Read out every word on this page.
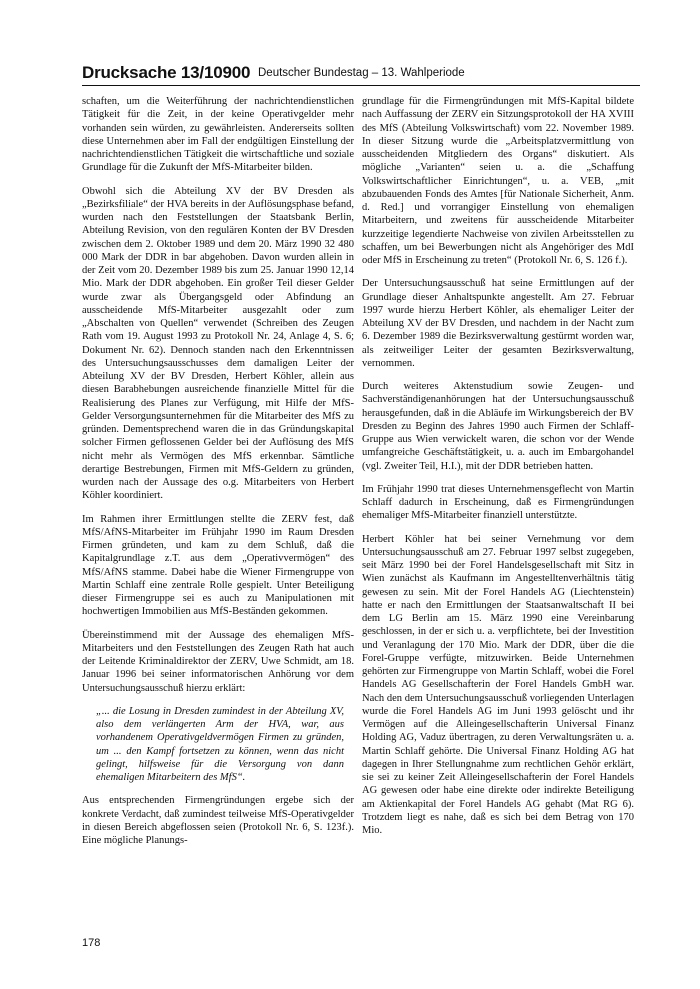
Drucksache 13/10900 Deutscher Bundestag – 13. Wahlperiode

schaften, um die Weiterführung der nachrichtendienstlichen Tätigkeit für die Zeit, in der keine Operativgelder mehr vorhanden sein würden, zu gewährleisten. Andererseits sollten diese Unternehmen aber im Fall der endgültigen Einstellung der nachrichtendienstlichen Tätigkeit die wirtschaftliche und soziale Grundlage für die Zukunft der MfS-Mitarbeiter bilden.

Obwohl sich die Abteilung XV der BV Dresden als „Bezirksfiliale“ der HVA bereits in der Auflösungsphase befand, wurden nach den Feststellungen der Staatsbank Berlin, Abteilung Revision, von den regulären Konten der BV Dresden zwischen dem 2. Oktober 1989 und dem 20. März 1990 32 480 000 Mark der DDR in bar abgehoben. Davon wurden allein in der Zeit vom 20. Dezember 1989 bis zum 25. Januar 1990 12,14 Mio. Mark der DDR abgehoben. Ein großer Teil dieser Gelder wurde zwar als Übergangsgeld oder Abfindung an ausscheidende MfS-Mitarbeiter ausgezahlt oder zum „Abschalten von Quellen“ verwendet (Schreiben des Zeugen Rath vom 19. August 1993 zu Protokoll Nr. 24, Anlage 4, S. 6; Dokument Nr. 62). Dennoch standen nach den Erkenntnissen des Untersuchungsausschusses dem damaligen Leiter der Abteilung XV der BV Dresden, Herbert Köhler, allein aus diesen Barabhebungen ausreichende finanzielle Mittel für die Realisierung des Planes zur Verfügung, mit Hilfe der MfS-Gelder Versorgungsunternehmen für die Mitarbeiter des MfS zu gründen. Dementsprechend waren die in das Gründungskapital solcher Firmen geflossenen Gelder bei der Auflösung des MfS nicht mehr als Vermögen des MfS erkennbar. Sämtliche derartige Bestrebungen, Firmen mit MfS-Geldern zu gründen, wurden nach der Aussage des o.g. Mitarbeiters von Herbert Köhler koordiniert.

Im Rahmen ihrer Ermittlungen stellte die ZERV fest, daß MfS/AfNS-Mitarbeiter im Frühjahr 1990 im Raum Dresden Firmen gründeten, und kam zu dem Schluß, daß die Kapitalgrundlage z.T. aus dem „Operativvermögen“ des MfS/AfNS stamme. Dabei habe die Wiener Firmengruppe von Martin Schlaff eine zentrale Rolle gespielt. Unter Beteiligung dieser Firmengruppe sei es auch zu Manipulationen mit hochwertigen Immobilien aus MfS-Beständen gekommen.

Übereinstimmend mit der Aussage des ehemaligen MfS-Mitarbeiters und den Feststellungen des Zeugen Rath hat auch der Leitende Kriminaldirektor der ZERV, Uwe Schmidt, am 18. Januar 1996 bei seiner informatorischen Anhörung vor dem Untersuchungsausschuß hierzu erklärt:

„... die Losung in Dresden zumindest in der Abteilung XV, also dem verlängerten Arm der HVA, war, aus vorhandenem Operativgeldvermögen Firmen zu gründen, um ... den Kampf fortsetzen zu können, wenn das nicht gelingt, hilfsweise für die Versorgung von dann ehemaligen Mitarbeitern des MfS“.

Aus entsprechenden Firmengründungen ergebe sich der konkrete Verdacht, daß zumindest teilweise MfS-Operativgelder in diesen Bereich abgeflossen seien (Protokoll Nr. 6, S. 123f.). Eine mögliche Planungs-

grundlage für die Firmengründungen mit MfS-Kapital bildete nach Auffassung der ZERV ein Sitzungsprotokoll der HA XVIII des MfS (Abteilung Volkswirtschaft) vom 22. November 1989. In dieser Sitzung wurde die „Arbeitsplatzvermittlung von ausscheidenden Mitgliedern des Organs“ diskutiert. Als mögliche „Varianten“ seien u. a. die „Schaffung Volkswirtschaftlicher Einrichtungen“, u. a. VEB, „mit abzubauenden Fonds des Amtes [für Nationale Sicherheit, Anm. d. Red.] und vorrangiger Einstellung von ehemaligen Mitarbeitern, und zweitens für ausscheidende Mitarbeiter kurzzeitige legendierte Nachweise von zivilen Arbeitsstellen zu schaffen, um bei Bewerbungen nicht als Angehöriger des MdI oder MfS in Erscheinung zu treten“ (Protokoll Nr. 6, S. 126 f.).

Der Untersuchungsausschuß hat seine Ermittlungen auf der Grundlage dieser Anhaltspunkte angestellt. Am 27. Februar 1997 wurde hierzu Herbert Köhler, als ehemaliger Leiter der Abteilung XV der BV Dresden, und nachdem in der Nacht zum 6. Dezember 1989 die Bezirksverwaltung gestürmt worden war, als zeitweiliger Leiter der gesamten Bezirksverwaltung, vernommen.

Durch weiteres Aktenstudium sowie Zeugen- und Sachverständigenanhörungen hat der Untersuchungsausschuß herausgefunden, daß in die Abläufe im Wirkungsbereich der BV Dresden zu Beginn des Jahres 1990 auch Firmen der Schlaff-Gruppe aus Wien verwickelt waren, die schon vor der Wende umfangreiche Geschäftstätigkeit, u. a. auch im Embargohandel (vgl. Zweiter Teil, H.I.), mit der DDR betrieben hatten.

Im Frühjahr 1990 trat dieses Unternehmensgeflecht von Martin Schlaff dadurch in Erscheinung, daß es Firmengründungen ehemaliger MfS-Mitarbeiter finanziell unterstützte.

Herbert Köhler hat bei seiner Vernehmung vor dem Untersuchungsausschuß am 27. Februar 1997 selbst zugegeben, seit März 1990 bei der Forel Handelsgesellschaft mit Sitz in Wien zunächst als Kaufmann im Angestelltenverhältnis tätig gewesen zu sein. Mit der Forel Handels AG (Liechtenstein) hatte er nach den Ermittlungen der Staatsanwaltschaft II bei dem LG Berlin am 15. März 1990 eine Vereinbarung geschlossen, in der er sich u. a. verpflichtete, bei der Investition und Veranlagung der 170 Mio. Mark der DDR, über die die Forel-Gruppe verfügte, mitzuwirken. Beide Unternehmen gehörten zur Firmengruppe von Martin Schlaff, wobei die Forel Handels AG Gesellschafterin der Forel Handels GmbH war. Nach den dem Untersuchungsausschuß vorliegenden Unterlagen wurde die Forel Handels AG im Juni 1993 gelöscht und ihr Vermögen auf die Alleingesellschafterin Universal Finanz Holding AG, Vaduz übertragen, zu deren Verwaltungsräten u. a. Martin Schlaff gehörte. Die Universal Finanz Holding AG hat dagegen in Ihrer Stellungnahme zum rechtlichen Gehör erklärt, sie sei zu keiner Zeit Alleingesellschafterin der Forel Handels AG gewesen oder habe eine direkte oder indirekte Beteiligung am Aktienkapital der Forel Handels AG gehabt (Mat RG 6). Trotzdem liegt es nahe, daß es sich bei dem Betrag von 170 Mio.

178
